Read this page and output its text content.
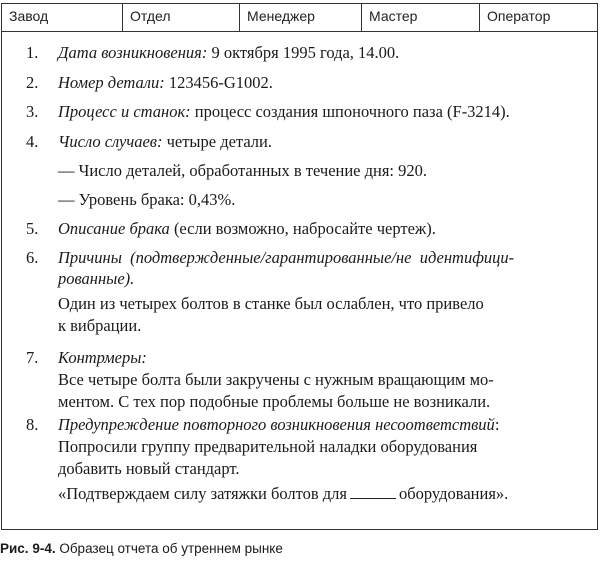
Завод	Отдел	Менеджер	Мастер	Оператор
1. Дата возникновения: 9 октября 1995 года, 14.00.
2. Номер детали: 123456-G1002.
3. Процесс и станок: процесс создания шпоночного паза (F-3214).
4. Число случаев: четыре детали.
— Число деталей, обработанных в течение дня: 920.
— Уровень брака: 0,43%.
5. Описание брака (если возможно, набросайте чертеж).
6. Причины  (подтвержденные/гарантированные/не  идентифици-
рованные).
Один из четырех болтов в станке был ослаблен, что привело
к вибрации.
7. Контрмеры:
Все четыре болта были закручены с нужным вращающим мо-
ментом. С тех пор подобные проблемы больше не возникали.
8. Предупреждение повторного возникновения несоответствий:
Попросили группу предварительной наладки оборудования
добавить новый стандарт.
«Подтверждаем силу затяжки болтов для	оборудования».
Рис. 9-4. Образец отчета об утреннем рынке
